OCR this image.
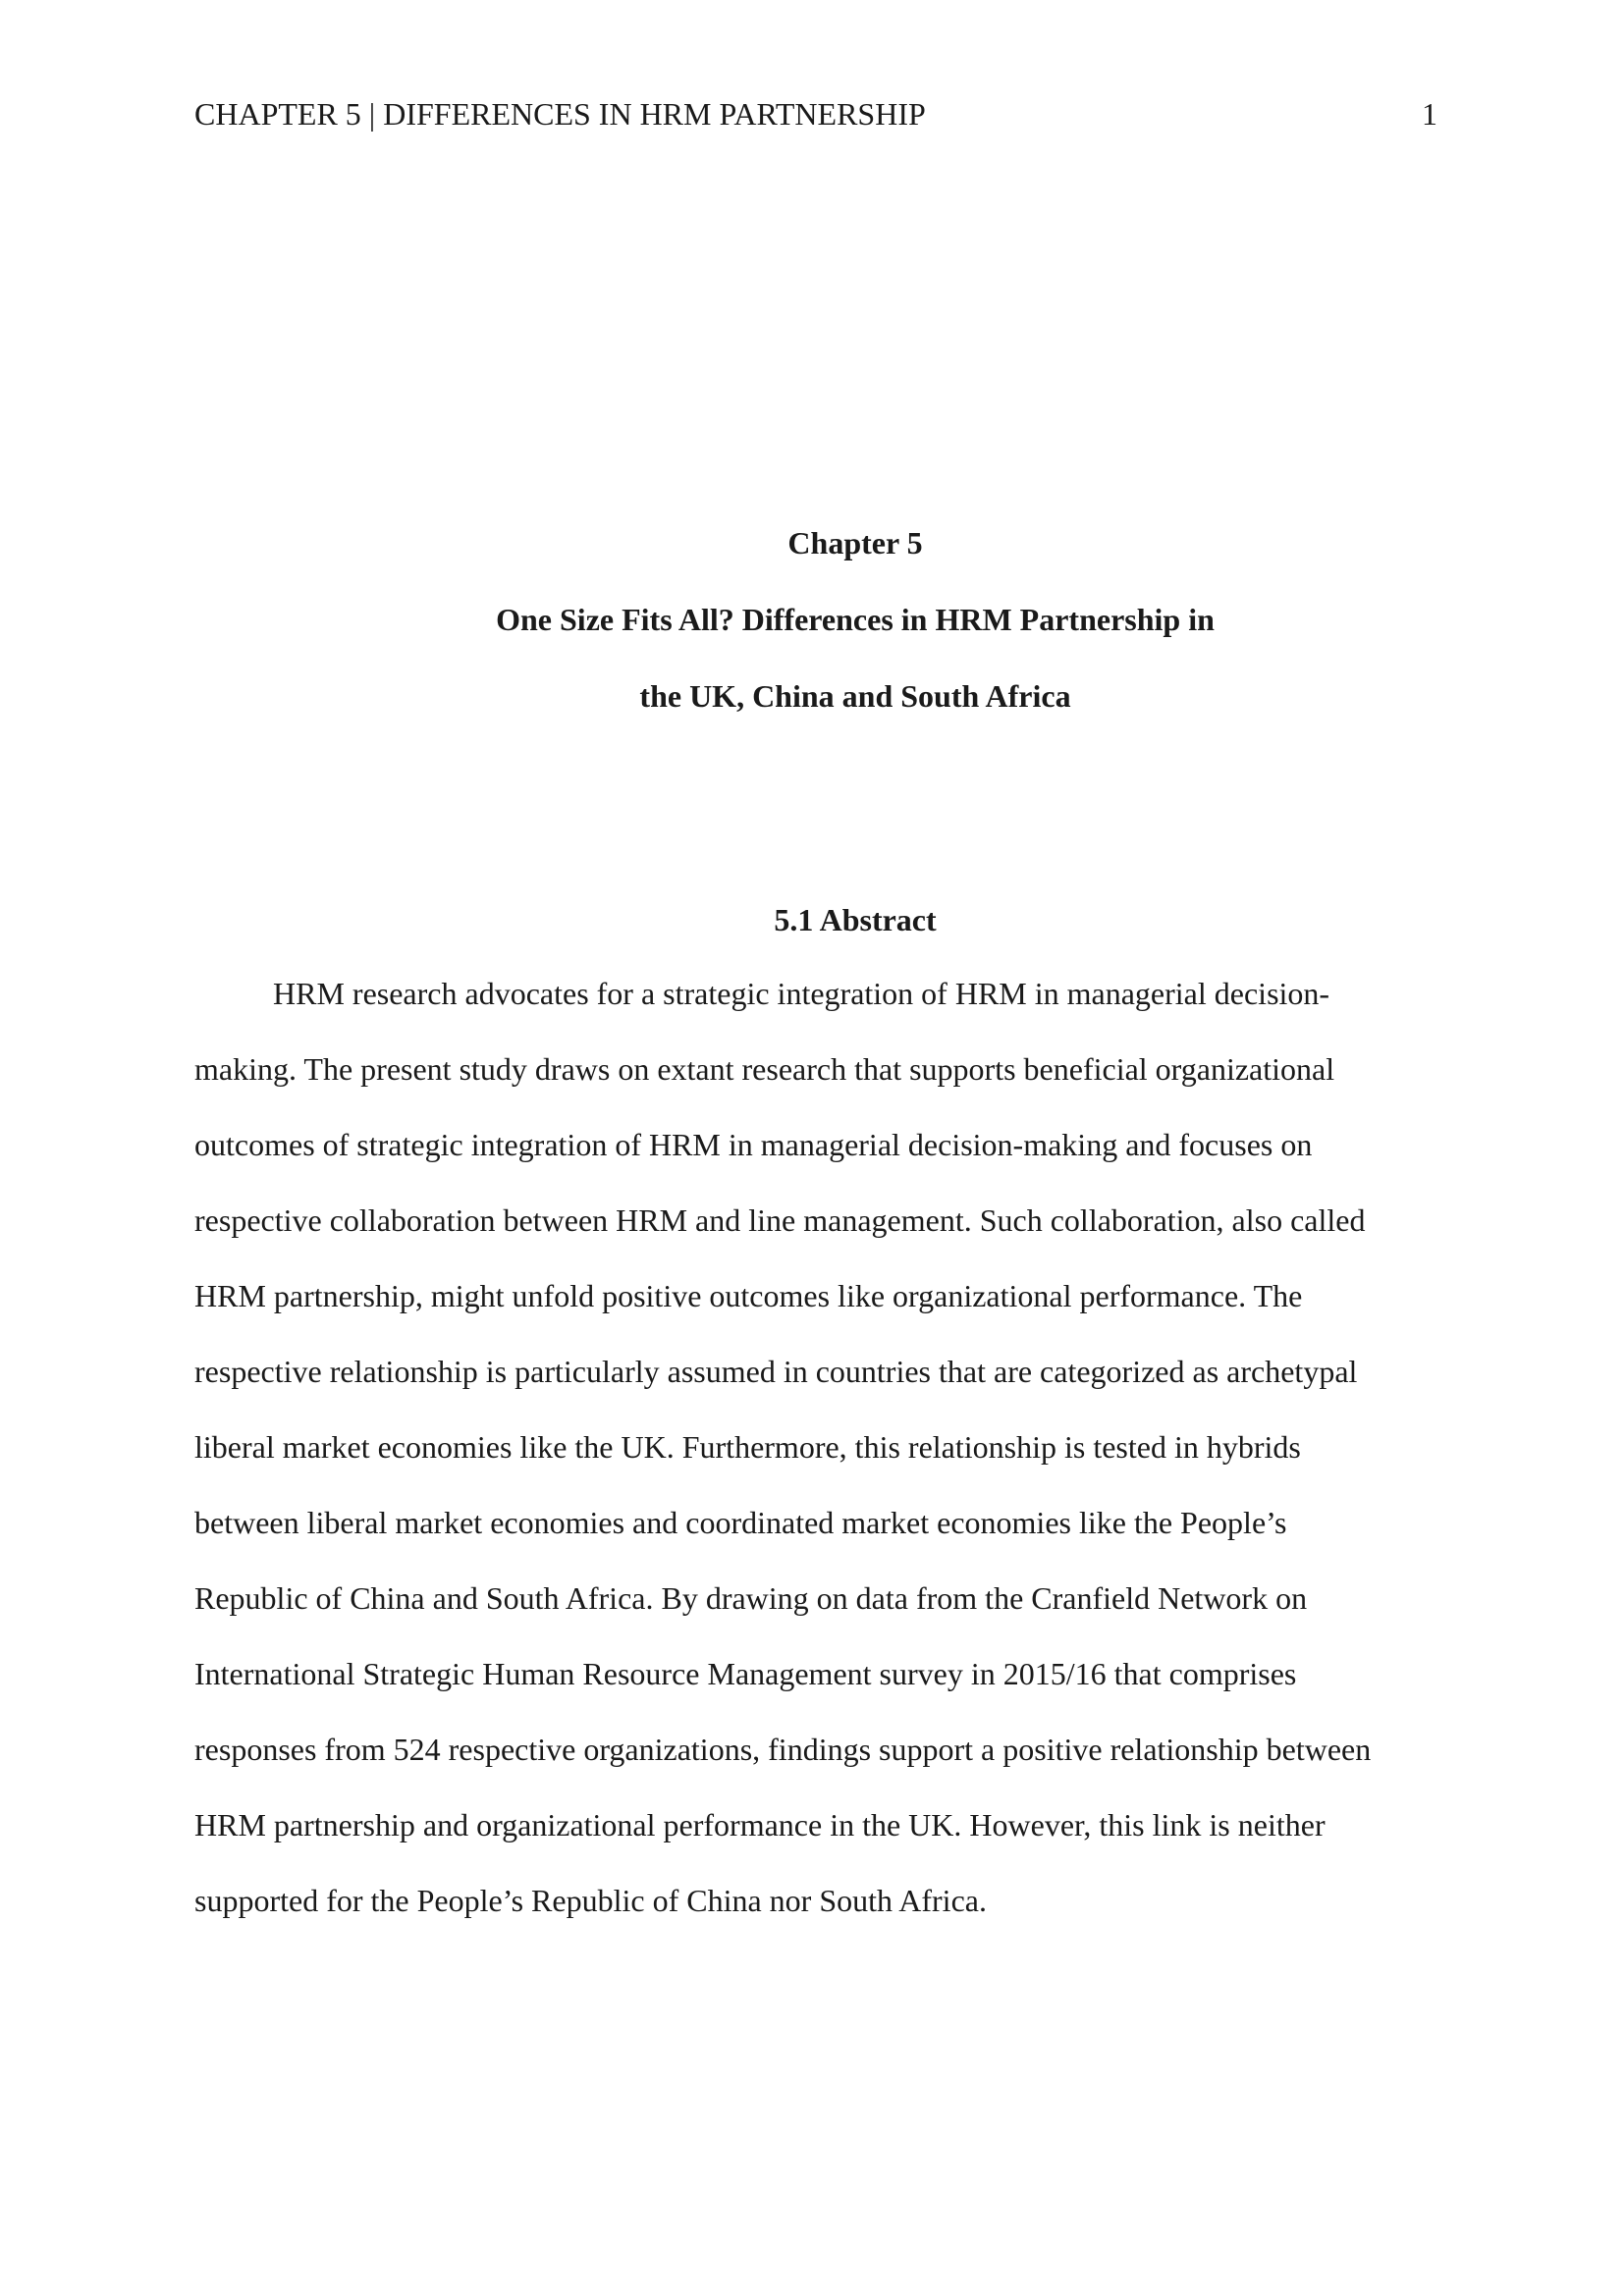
CHAPTER 5 | DIFFERENCES IN HRM PARTNERSHIP	1
Chapter 5
One Size Fits All? Differences in HRM Partnership in
the UK, China and South Africa
5.1 Abstract
HRM research advocates for a strategic integration of HRM in managerial decision-
making. The present study draws on extant research that supports beneficial organizational
outcomes of strategic integration of HRM in managerial decision-making and focuses on
respective collaboration between HRM and line management. Such collaboration, also called
HRM partnership, might unfold positive outcomes like organizational performance. The
respective relationship is particularly assumed in countries that are categorized as archetypal
liberal market economies like the UK. Furthermore, this relationship is tested in hybrids
between liberal market economies and coordinated market economies like the People’s
Republic of China and South Africa. By drawing on data from the Cranfield Network on
International Strategic Human Resource Management survey in 2015/16 that comprises
responses from 524 respective organizations, findings support a positive relationship between
HRM partnership and organizational performance in the UK. However, this link is neither
supported for the People’s Republic of China nor South Africa.
